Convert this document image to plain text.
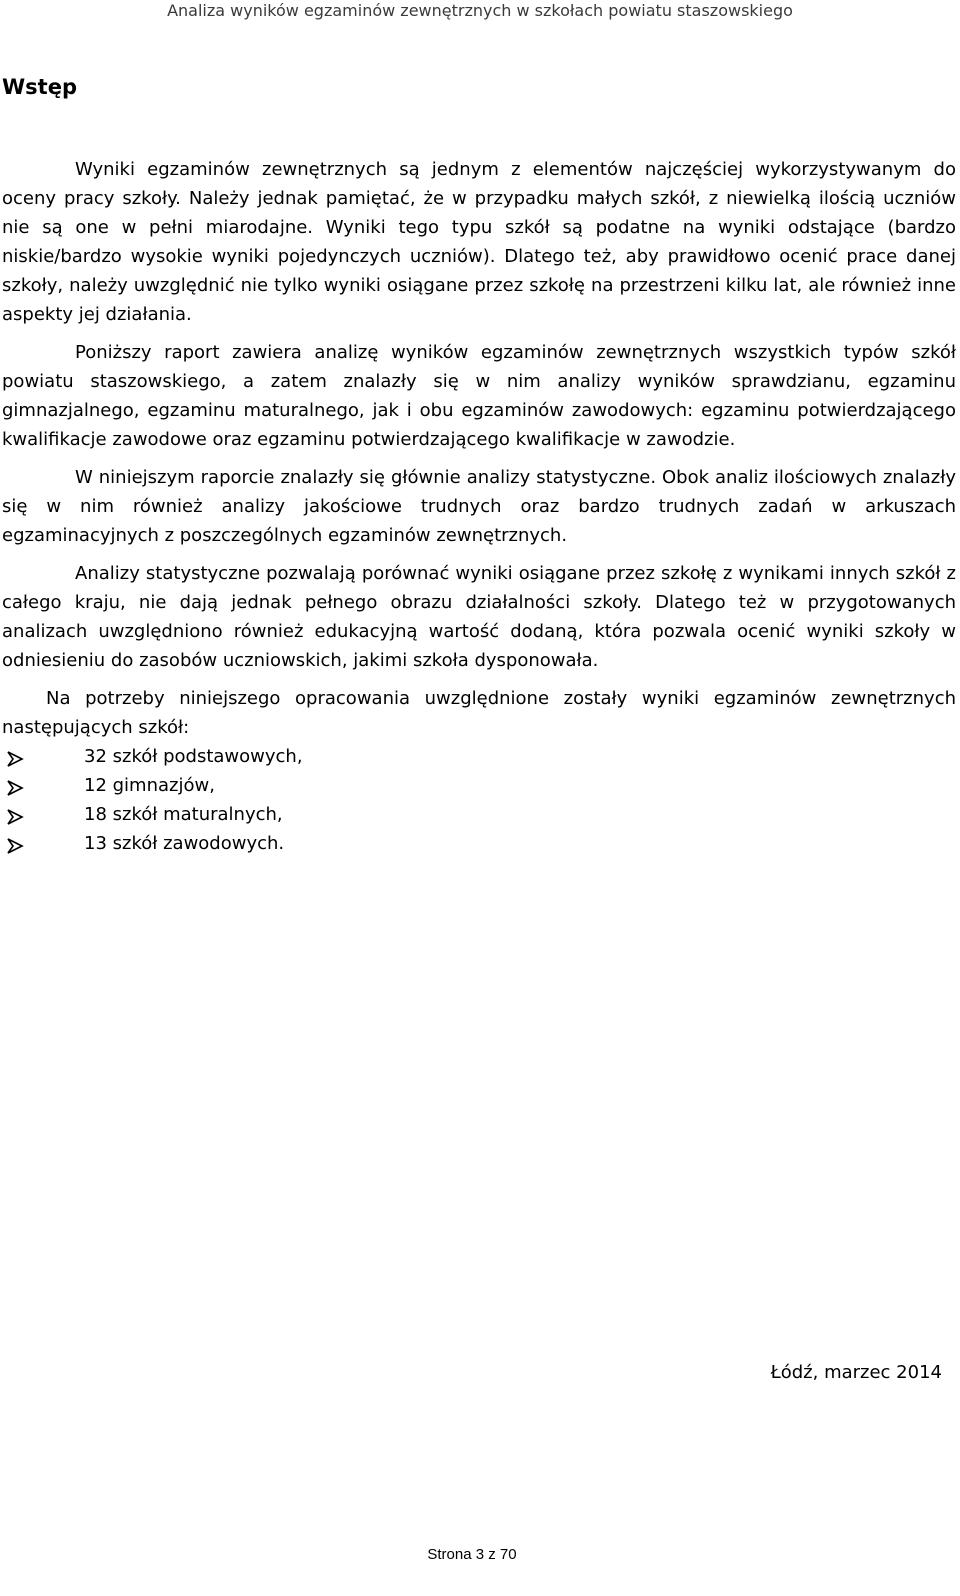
Analiza wyników egzaminów zewnętrznych w szkołach powiatu staszowskiego
Wstęp

Wyniki egzaminów zewnętrznych są jednym z elementów najczęściej wykorzystywanym do oceny pracy szkoły. Należy jednak pamiętać, że w przypadku małych szkół, z niewielką ilością uczniów nie są one w pełni miarodajne. Wyniki tego typu szkół są podatne na wyniki odstające (bardzo niskie/bardzo wysokie wyniki pojedynczych uczniów). Dlatego też, aby prawidłowo ocenić prace danej szkoły, należy uwzględnić nie tylko wyniki osiągane przez szkołę na przestrzeni kilku lat, ale również inne aspekty jej działania.

Poniższy raport zawiera analizę wyników egzaminów zewnętrznych wszystkich typów szkół powiatu staszowskiego, a zatem znalazły się w nim analizy wyników sprawdzianu, egzaminu gimnazjalnego, egzaminu maturalnego, jak i obu egzaminów zawodowych: egzaminu potwierdzającego kwalifikacje zawodowe oraz egzaminu potwierdzającego kwalifikacje w zawodzie.

W niniejszym raporcie znalazły się głównie analizy statystyczne. Obok analiz ilościowych znalazły się w nim również analizy jakościowe trudnych oraz bardzo trudnych zadań w arkuszach egzaminacyjnych z poszczególnych egzaminów zewnętrznych.

Analizy statystyczne pozwalają porównać wyniki osiągane przez szkołę z wynikami innych szkół z całego kraju, nie dają jednak pełnego obrazu działalności szkoły. Dlatego też w przygotowanych analizach uwzględniono również edukacyjną wartość dodaną, która pozwala ocenić wyniki szkoły w odniesieniu do zasobów uczniowskich, jakimi szkoła dysponowała.

Na potrzeby niniejszego opracowania uwzględnione zostały wyniki egzaminów zewnętrznych następujących szkół:

32 szkół podstawowych,
12 gimnazjów,
18 szkół maturalnych,
13 szkół zawodowych.
Łódź, marzec 2014
Strona 3 z 70
